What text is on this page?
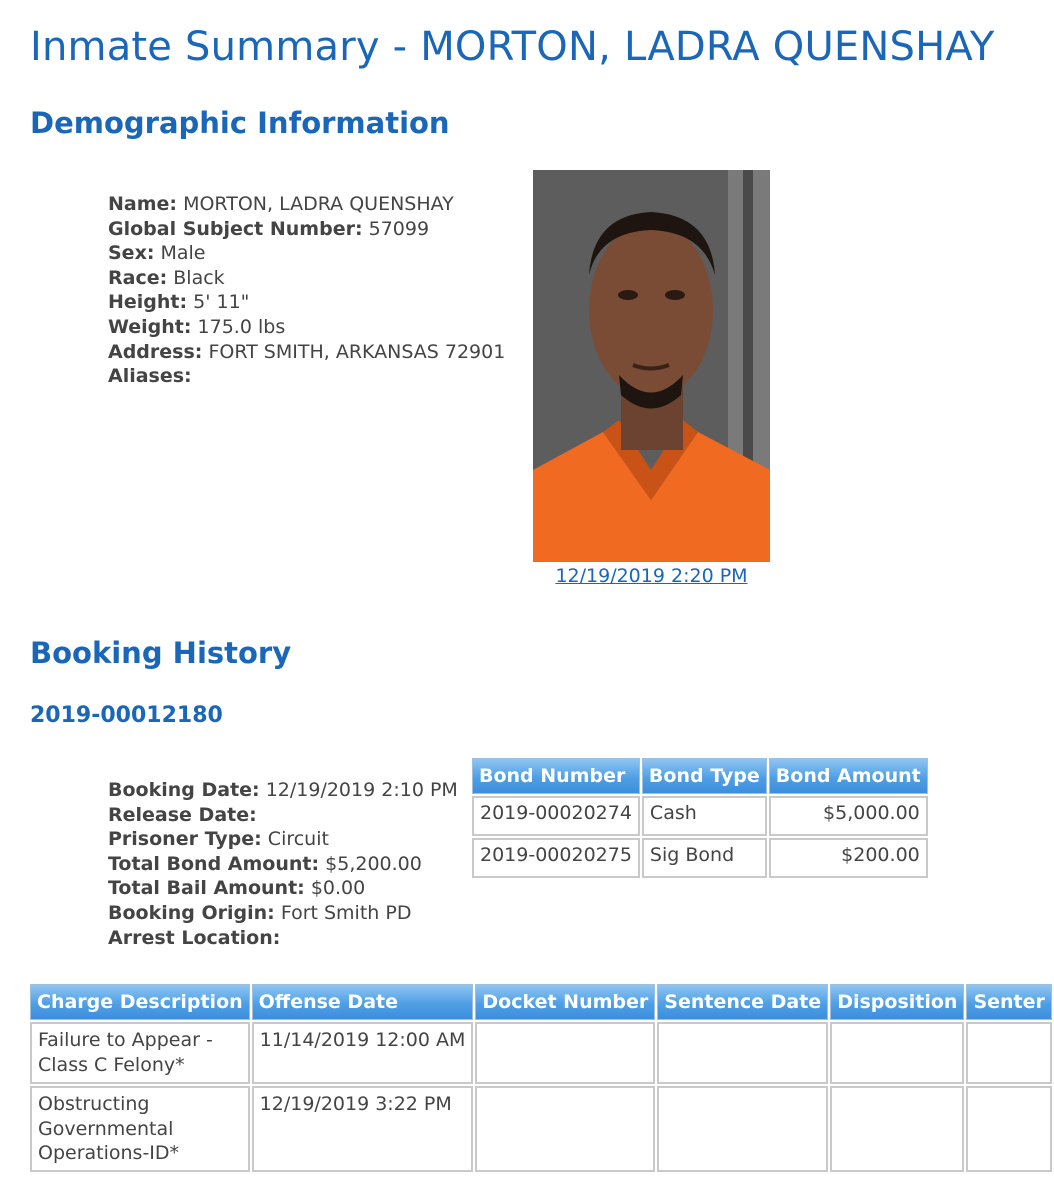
Inmate Summary - MORTON, LADRA QUENSHAY
Demographic Information
Name: MORTON, LADRA QUENSHAY
Global Subject Number: 57099
Sex: Male
Race: Black
Height: 5' 11"
Weight: 175.0 lbs
Address: FORT SMITH, ARKANSAS 72901
Aliases:
12/19/2019 2:20 PM
Booking History
2019-00012180
Booking Date: 12/19/2019 2:10 PM
Release Date:
Prisoner Type: Circuit
Total Bond Amount: $5,200.00
Total Bail Amount: $0.00
Booking Origin: Fort Smith PD
Arrest Location:
Bond Number	Bond Type	Bond Amount
2019-00020274	Cash	$5,000.00
2019-00020275	Sig Bond	$200.00
Charge Description	Offense Date	Docket Number	Sentence Date	Disposition	Senter
Failure to Appear - Class C Felony*	11/14/2019 12:00 AM				
Obstructing Governmental Operations-ID*	12/19/2019 3:22 PM				
